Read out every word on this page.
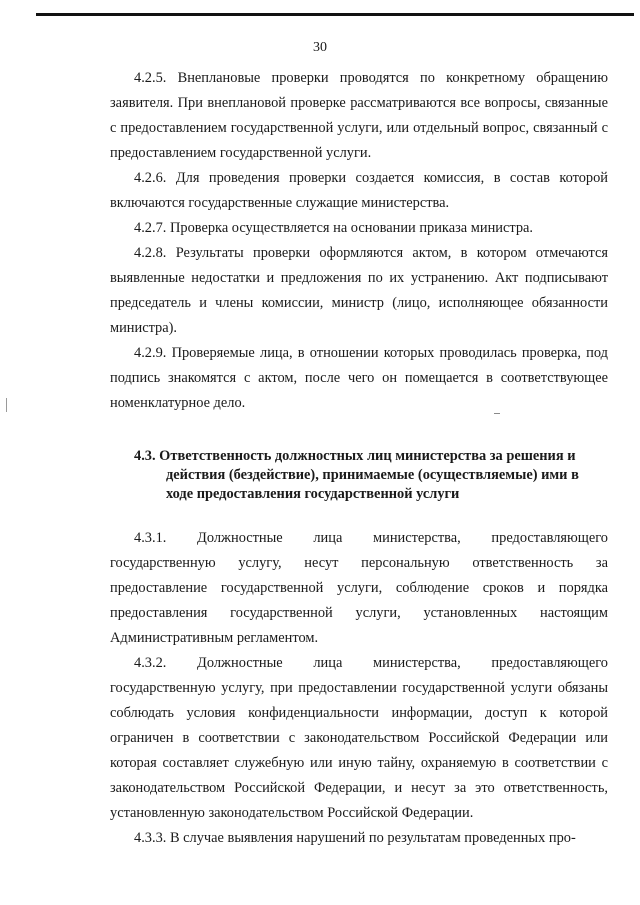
30

4.2.5. Внеплановые проверки проводятся по конкретному обращению заявителя. При внеплановой проверке рассматриваются все вопросы, связанные с предоставлением государственной услуги, или отдельный вопрос, связанный с предоставлением государственной услуги.

4.2.6. Для проведения проверки создается комиссия, в состав которой включаются государственные служащие министерства.

4.2.7. Проверка осуществляется на основании приказа министра.

4.2.8. Результаты проверки оформляются актом, в котором отмечаются выявленные недостатки и предложения по их устранению. Акт подписывают председатель и члены комиссии, министр (лицо, исполняющее обязанности министра).

4.2.9. Проверяемые лица, в отношении которых проводилась проверка, под подпись знакомятся с актом, после чего он помещается в соответствующее номенклатурное дело.

4.3. Ответственность должностных лиц министерства за решения и действия (бездействие), принимаемые (осуществляемые) ими в ходе предоставления государственной услуги

4.3.1. Должностные лица министерства, предоставляющего государственную услугу, несут персональную ответственность за предоставление государственной услуги, соблюдение сроков и порядка предоставления государственной услуги, установленных настоящим Административным регламентом.

4.3.2. Должностные лица министерства, предоставляющего государственную услугу, при предоставлении государственной услуги обязаны соблюдать условия конфиденциальности информации, доступ к которой ограничен в соответствии с законодательством Российской Федерации или которая составляет служебную или иную тайну, охраняемую в соответствии с законодательством Российской Федерации, и несут за это ответственность, установленную законодательством Российской Федерации.

4.3.3. В случае выявления нарушений по результатам проведенных про-
